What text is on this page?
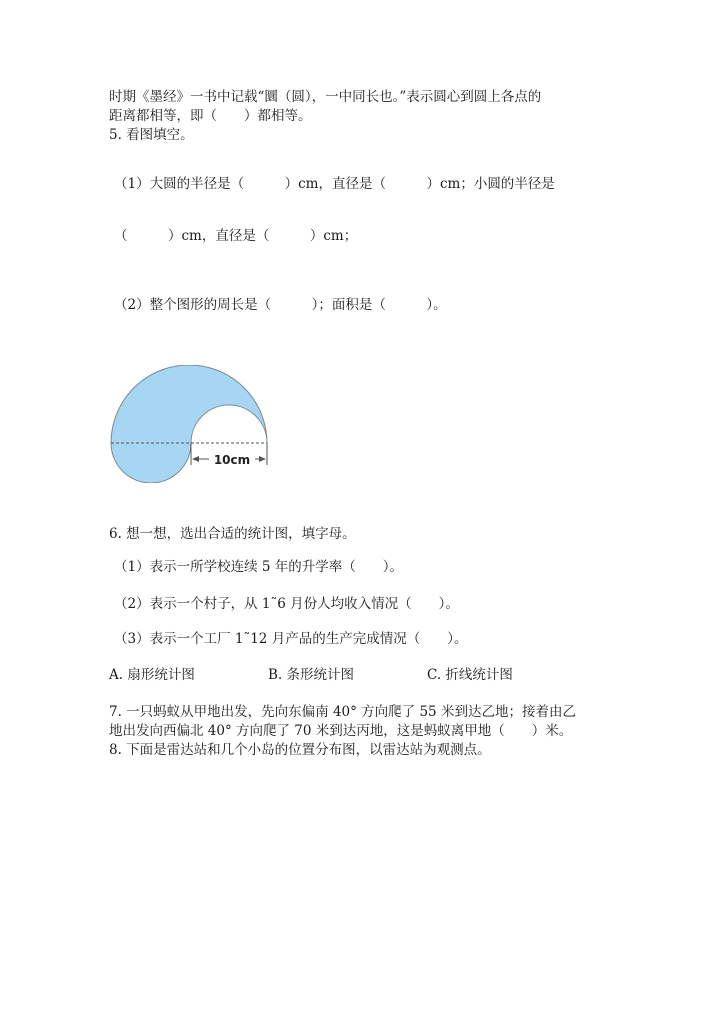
时期《墨经》一书中记载“圜（圆），一中同长也。”表示圆心到圆上各点的
距离都相等，即（　　）都相等。
5. 看图填空。
（1）大圆的半径是（　　　）cm，直径是（　　　）cm；小圆的半径是
（　　　）cm，直径是（　　　）cm；
（2）整个图形的周长是（　　　）；面积是（　　　）。
10cm
6. 想一想，选出合适的统计图，填字母。
（1）表示一所学校连续 5 年的升学率（　　）。
（2）表示一个村子，从 1˜6 月份人均收入情况（　　）。
（3）表示一个工厂 1˜12 月产品的生产完成情况（　　）。
A. 扇形统计图	B. 条形统计图	C. 折线统计图
7. 一只蚂蚁从甲地出发，先向东偏南 40° 方向爬了 55 米到达乙地；接着由乙
地出发向西偏北 40° 方向爬了 70 米到达丙地，这是蚂蚁离甲地（　　）米。
8. 下面是雷达站和几个小岛的位置分布图，以雷达站为观测点。
